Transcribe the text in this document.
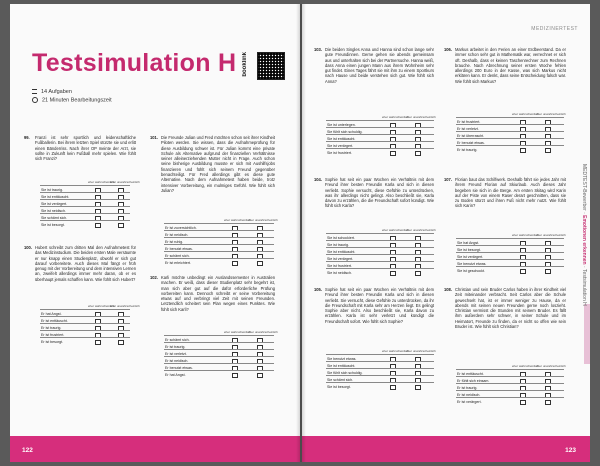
Testsimulation H booklink
14 Aufgaben
21 Minuten Bearbeitungszeit
99. Franzi ist sehr sportlich und leidenschaftliche Fußballerin. Bei ihrem letzten Spiel stürzte sie und erlitt einen Bänderriss. Nach ihrer OP meinte der Arzt, sie sollte in Zukunft kein Fußball mehr spielen. Wie fühlt sich Franzi?
eher wahrscheinlich
eher unwahrscheinlich
Sie ist traurig.
Sie ist enttäuscht.
Sie ist verärgert.
Sie ist neidisch.
Sie schämt sich.
Sie ist besorgt.
100. Hubert schreibt zum dritten Mal den Aufnahmetest für das Medizinstudium. Die beiden ersten Male versäumte er nur knapp einen Studienplatz, obwohl er sich gut darauf vorbereitete. Auch dieses Mal fängt er früh genug mit der Vorbereitung und dem intensiven Lernen an, zweifelt allerdings immer mehr daran, ob er es überhaupt jemals schaffen kann. Wie fühlt sich Hubert?
eher wahrscheinlich
eher unwahrscheinlich
Er hat Angst.
Er ist enttäuscht.
Er ist traurig.
Er ist frustriert.
Er ist besorgt.
101. Die Freunde Julian und Fred möchten schon seit ihrer Kindheit Piloten werden. Sie wissen, dass die Aufnahmeprüfung für diese Ausbildung schwer ist. Für Julian kommt eine private Schule als Alternative aufgrund der finanziellen Verhältnisse seiner alleinerziehenden Mutter nicht in Frage. Auch schon seine bisherige Ausbildung musste er sich mit Aushilfsjobs finanzieren und fühlt sich seinem Freund gegenüber benachteiligt. Für Fred allerdings gibt es diese gute Alternative. Nach dem Aufnahmetest haben beide, trotz intensiver Vorbereitung, ein mulmiges Gefühl. Wie fühlt sich Julian?
eher wahrscheinlich
eher unwahrscheinlich
Er ist zuversichtlich.
Er ist neidisch.
Er ist ruhig.
Er benutzt etwas.
Er schämt sich.
Er ist erleichtert.
102. Karli möchte unbedingt ein Auslandssemester in Australien machen. Er weiß, dass dieser Studienplatz sehr begehrt ist, man sich aber gut auf die dafür erforderliche Prüfung vorbereiten kann. Dennoch schreibt er seine Vorbereitung etwas auf und verbringt viel Zeit mit seinen Freunden. Letztendlich scheitert sein Plan wegen eines Punktes. Wie fühlt sich Karli?
eher wahrscheinlich
eher unwahrscheinlich
Er schämt sich.
Er ist traurig.
Er ist verletzt.
Er ist neidisch.
Er benutzt etwas.
Er hat Angst.
122
MEDIZINERTEST
103. Die beiden Singles Anna und Hanna sind schon lange sehr gute Freundinnen. Gerne gehen sie abends gemeinsam aus und unterhalten sich bei der Partnersuche. Hanna weiß, dass Anna einen jungen Mann aus ihrem Wohnheim sehr gut findet. Eines Tages fährt sie mit ihm zu einem Sportkurs nach Hause und beide verstehen sich gut. Wie fühlt sich Anna?
eher wahrscheinlich
eher unwahrscheinlich
Sie ist unterlegen.
Sie fühlt sich schuldig.
Sie ist enttäuscht.
Sie ist verärgert.
Sie ist frustriert.
104. Sophie hat seit ein paar Wochen ein Verhältnis mit dem Freund ihrer besten Freundin Karla und sich in diesen verliebt. Sophie versucht, diese Gefühle zu unterdrücken, was ihr allerdings nicht gelingt. Also beschließt sie, Karla davon zu erzählen, die die Freundschaft sofort kündigt. Wie fühlt sich Karla?
eher wahrscheinlich
eher unwahrscheinlich
Sie ist schockiert.
Sie ist traurig.
Sie ist enttäuscht.
Sie ist verärgert.
Sie ist frustriert.
Sie ist neidisch.
105. Sophie hat seit ein paar Wochen ein Verhältnis mit dem Freund ihrer besten Freundin Karla und sich in diesen verliebt. Sie versucht, diese Gefühle zu unterdrücken, da ihr die Freundschaft mit Karla sehr am Herzen liegt. Es gelingt Sophie aber nicht. Also beschließt sie, Karla davon zu erzählen. Karla ist sehr verletzt und kündigt die Freundschaft sofort. Wie fühlt sich Sophie?
eher wahrscheinlich
eher unwahrscheinlich
Sie benutzt etwas.
Sie ist enttäuscht.
Sie fühlt sich schuldig.
Sie schämt sich.
Sie ist besorgt.
106. Markus arbeitet in den Ferien an einer Erdbeerstand. Da er immer schon sehr gut in Mathematik war, verrechnet er sich oft. Deshalb, dass er keinen Taschenrechner zum Rechnen brauche. Nach Abrechnung seiner ersten Woche fehlen allerdings 200 Euro in der Kasse, was sich Markus nicht erklären kann. Er denkt, dass seine Entscheidung falsch war. Wie fühlt sich Markus?
eher wahrscheinlich
eher unwahrscheinlich
Er ist frustriert.
Er ist verletzt.
Er ist überrascht.
Er benutzt etwas.
Er ist traurig.
107. Florian baut das Schilfwerk. Deshalb fährt sie jedes Jahr mit ihrem Freund Florian auf Skiurlaub. Auch dieses Jahr begeben sie sich in die Berge. Am ersten Skitag wird Karin auf der Piste von einem Raser derart geschnitten, dass sie zu Boden stürzt und ihren Fuß nicht mehr nutzt. Wie fühlt sich Karin?
eher wahrscheinlich
eher unwahrscheinlich
Sie hat Angst.
Sie ist besorgt.
Sie ist verärgert.
Sie benutzt etwas.
Sie ist geschockt.
108. Christian und sein Bruder Carlos haben in ihrer Kindheit viel Zeit miteinander verbracht. Seit Carlos aber die Schule gewechselt hat, ist er immer weniger zu Hause, da er abends mit seinen neuen Freunden gerne noch loszieht. Christian vermisst die Stunden mit seinem Bruder. Es fällt ihm außerdem sehr schwer, in seiner Schule und im Heimatort, Freunde zu finden, da er nicht so offen wie sein Bruder ist. Wie fühlt sich Christian?
eher wahrscheinlich
eher unwahrscheinlich
Er ist enttäuscht.
Er fühlt sich einsam.
Er ist traurig.
Er ist neidisch.
Er ist verärgert.
MEDTEST-Bewerber · Emotionen erkennen · Testsimulation H
123
